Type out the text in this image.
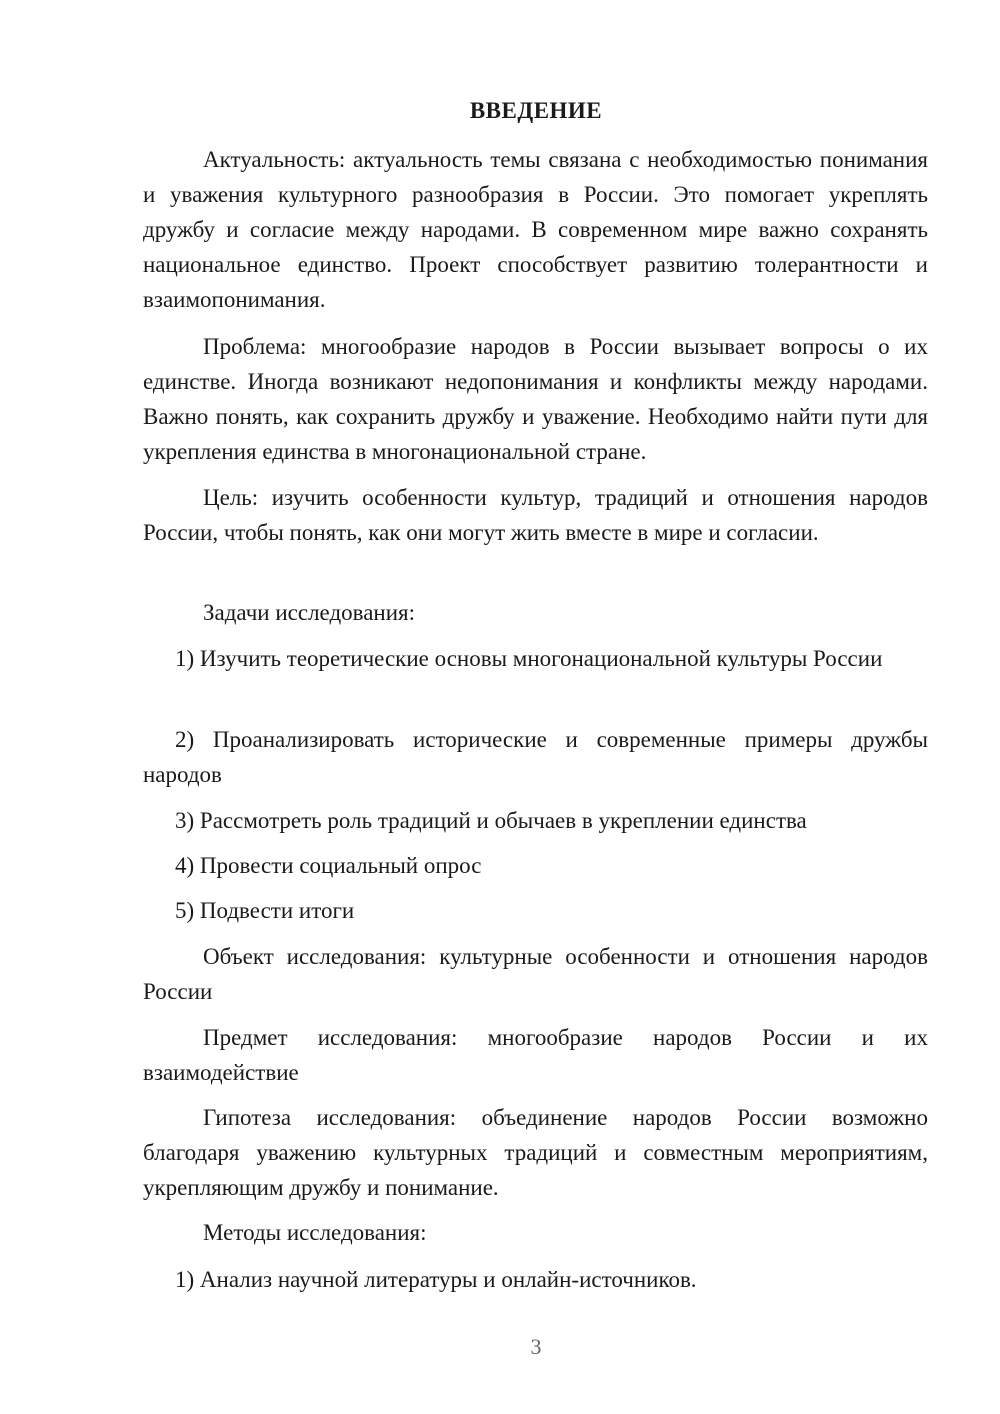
ВВЕДЕНИЕ
Актуальность: актуальность темы связана с необходимостью понимания и уважения культурного разнообразия в России. Это помогает укреплять дружбу и согласие между народами. В современном мире важно сохранять национальное единство. Проект способствует развитию толерантности и взаимопонимания.
Проблема: многообразие народов в России вызывает вопросы о их единстве. Иногда возникают недопонимания и конфликты между народами. Важно понять, как сохранить дружбу и уважение. Необходимо найти пути для укрепления единства в многонациональной стране.
Цель: изучить особенности культур, традиций и отношения народов России, чтобы понять, как они могут жить вместе в мире и согласии.
Задачи исследования:
1) Изучить теоретические основы многонациональной культуры России
2) Проанализировать исторические и современные примеры дружбы народов
3) Рассмотреть роль традиций и обычаев в укреплении единства
4) Провести социальный опрос
5) Подвести итоги
Объект исследования: культурные особенности и отношения народов России
Предмет исследования: многообразие народов России и их взаимодействие
Гипотеза исследования: объединение народов России возможно благодаря уважению культурных традиций и совместным мероприятиям, укрепляющим дружбу и понимание.
Методы исследования:
1) Анализ научной литературы и онлайн-источников.
3
